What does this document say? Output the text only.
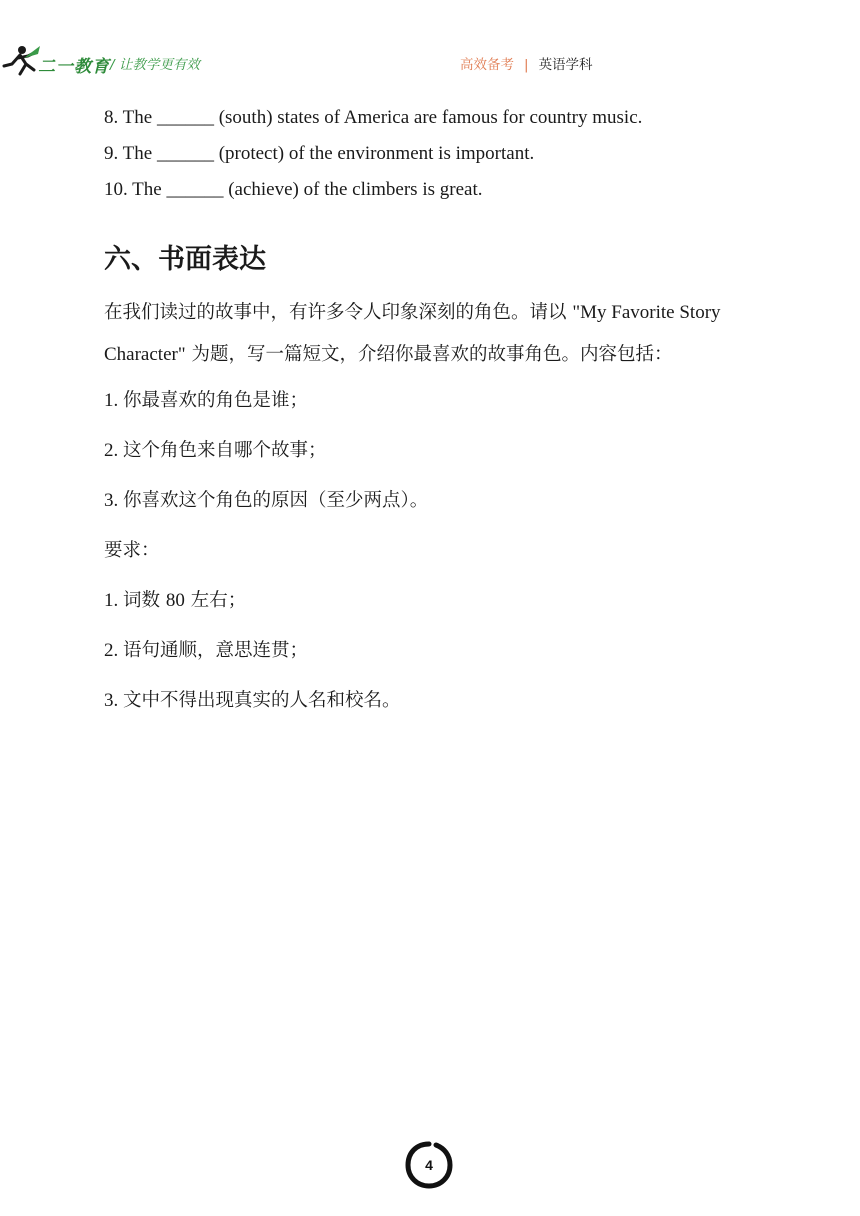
二一教育 / 让教学更有效	高效备考 | 英语学科
8. The ______ (south) states of America are famous for country music.
9. The ______ (protect) of the environment is important.
10. The ______ (achieve) of the climbers is great.
六、书面表达
在我们读过的故事中，有许多令人印象深刻的角色。请以 "My Favorite Story Character" 为题，写一篇短文，介绍你最喜欢的故事角色。内容包括：
1. 你最喜欢的角色是谁；
2. 这个角色来自哪个故事；
3. 你喜欢这个角色的原因（至少两点）。
要求：
1. 词数 80 左右；
2. 语句通顺，意思连贯；
3. 文中不得出现真实的人名和校名。
4
